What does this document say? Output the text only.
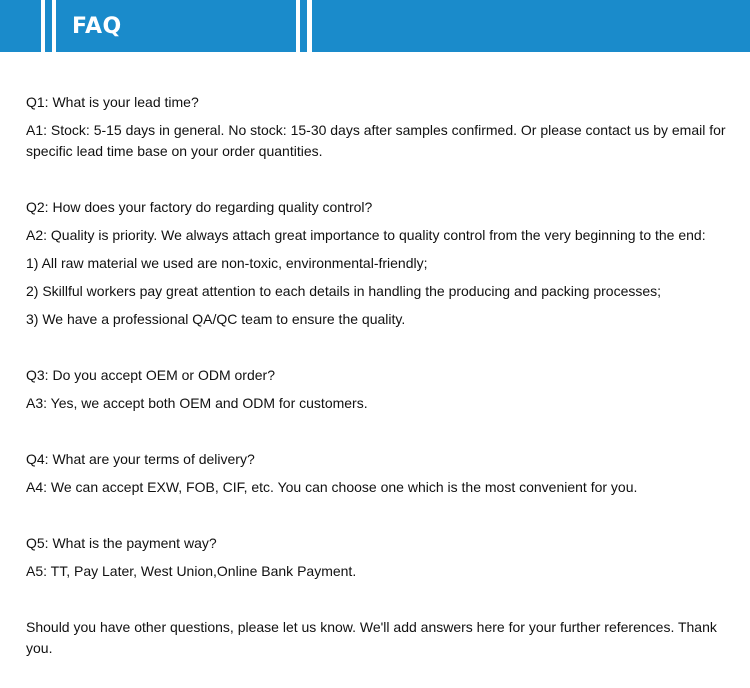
FAQ
Q1: What is your lead time?
A1: Stock: 5-15 days in general. No stock: 15-30 days after samples confirmed. Or please contact us by email for specific lead time base on your order quantities.
Q2: How does your factory do regarding quality control?
A2: Quality is priority. We always attach great importance to quality control from the very beginning to the end:
1) All raw material we used are non-toxic, environmental-friendly;
2) Skillful workers pay great attention to each details in handling the producing and packing processes;
3) We have a professional QA/QC team to ensure the quality.
Q3: Do you accept OEM or ODM order?
A3: Yes, we accept both OEM and ODM for customers.
Q4: What are your terms of delivery?
A4: We can accept EXW, FOB, CIF, etc. You can choose one which is the most convenient for you.
Q5: What is the payment way?
A5: TT, Pay Later, West Union,Online Bank Payment.
Should you have other questions, please let us know. We'll add answers here for your further references. Thank you.
